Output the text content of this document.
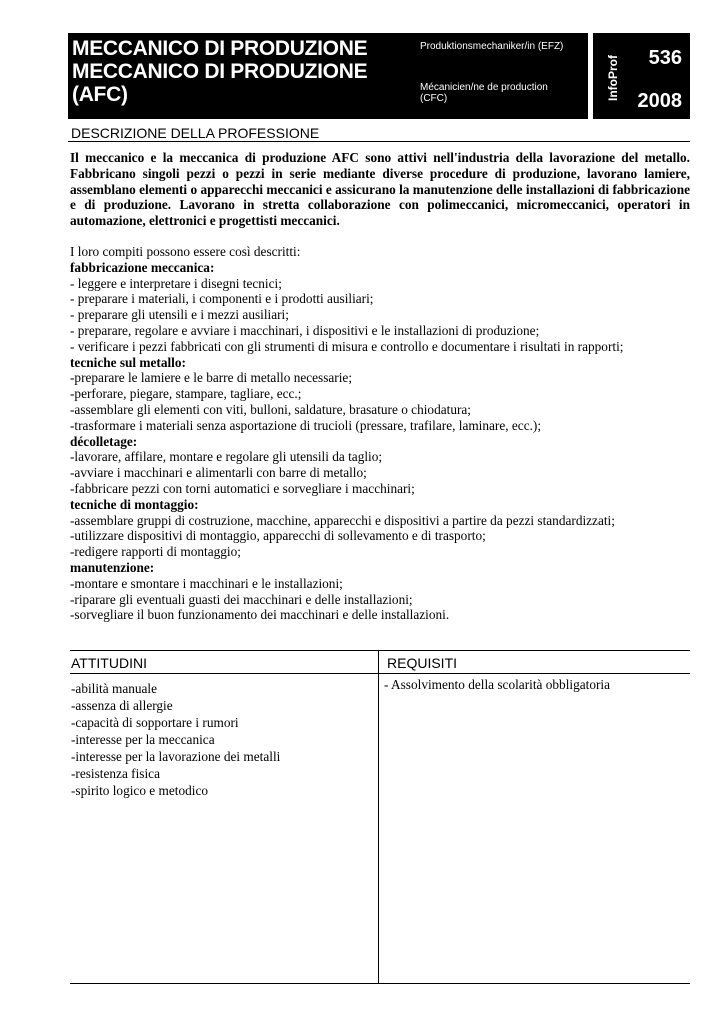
MECCANICO DI PRODUZIONE
MECCANICO DI PRODUZIONE
(AFC)
Produktionsmechaniker/in (EFZ)
Mécanicien/ne de production
(CFC)	InfoProf 536
2008
DESCRIZIONE DELLA PROFESSIONE

Il meccanico e la meccanica di produzione AFC sono attivi nell'industria della lavorazione del metallo. Fabbricano singoli pezzi o pezzi in serie mediante diverse procedure di produzione, lavorano lamiere, assemblano elementi o apparecchi meccanici e assicurano la manutenzione delle installazioni di fabbricazione e di produzione. Lavorano in stretta collaborazione con polimeccanici, micromeccanici, operatori in automazione, elettronici e progettisti meccanici.

I loro compiti possono essere così descritti:

fabbricazione meccanica:

- leggere e interpretare i disegni tecnici;
- preparare i materiali, i componenti e i prodotti ausiliari;
- preparare gli utensili e i mezzi ausiliari;
- preparare, regolare e avviare i macchinari, i dispositivi e le installazioni di produzione;
- verificare i pezzi fabbricati con gli strumenti di misura e controllo e documentare i risultati in rapporti;

tecniche sul metallo:

-preparare le lamiere e le barre di metallo necessarie;
-perforare, piegare, stampare, tagliare, ecc.;
-assemblare gli elementi con viti, bulloni, saldature, brasature o chiodatura;
-trasformare i materiali senza asportazione di trucioli (pressare, trafilare, laminare, ecc.);

décolletage:

-lavorare, affilare, montare e regolare gli utensili da taglio;
-avviare i macchinari e alimentarli con barre di metallo;
-fabbricare pezzi con torni automatici e sorvegliare i macchinari;

tecniche di montaggio:

-assemblare gruppi di costruzione, macchine, apparecchi e dispositivi a partire da pezzi standardizzati;
-utilizzare dispositivi di montaggio, apparecchi di sollevamento e di trasporto;
-redigere rapporti di montaggio;

manutenzione:

-montare e smontare i macchinari e le installazioni;
-riparare gli eventuali guasti dei macchinari e delle installazioni;
-sorvegliare il buon funzionamento dei macchinari e delle installazioni.
ATTITUDINI	REQUISITI
-abilità manuale
-assenza di allergie
-capacità di sopportare i rumori
-interesse per la meccanica
-interesse per la lavorazione dei metalli
-resistenza fisica
-spirito logico e metodico
- Assolvimento della scolarità obbligatoria
